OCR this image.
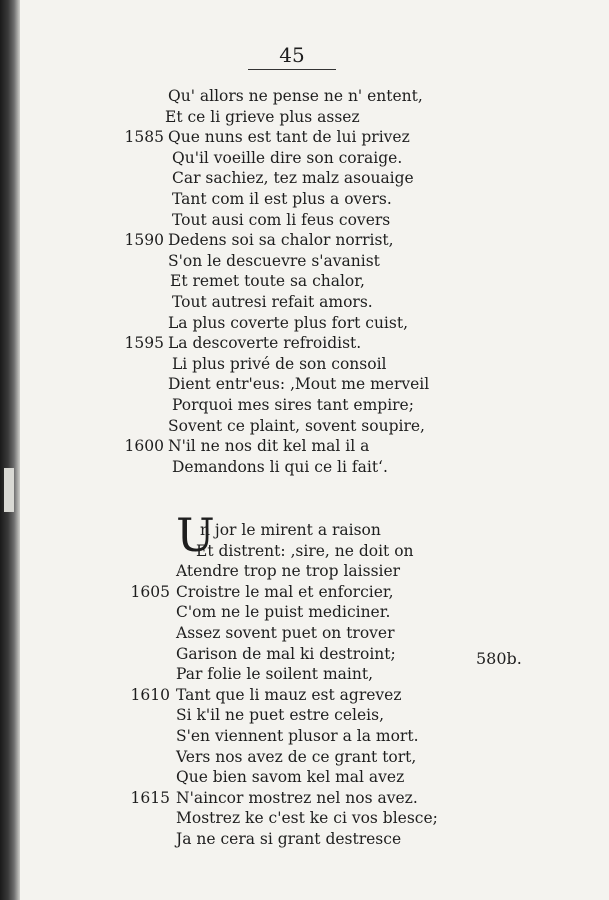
45
Qu' allors ne pense ne n' entent,
Et ce li grieve plus assez
Que nuns est tant de lui privez
1585
Qu'il voeille dire son coraige.
Car sachiez, tez malz asouaige
Tant com il est plus a overs.
Tout ausi com li feus covers
Dedens soi sa chalor norrist,
1590
S'on le descuevre s'avanist
Et remet toute sa chalor,
Tout autresi refait amors.
La plus coverte plus fort cuist,
La descoverte refroidist.
1595
Li plus privé de son consoil
Dient entr'eus: ‚Mout me merveil
Porquoi mes sires tant empire;
Sovent ce plaint, sovent soupire,
N'il ne nos dit kel mal il a
1600
Demandons li qui ce li fait‘.
U
n jor le mirent a raison
Et distrent: ‚sire, ne doit on
Atendre trop ne trop laissier
Croistre le mal et enforcier,
1605
C'om ne le puist mediciner.
Assez sovent puet on trover
Garison de mal ki destroint;
Par folie le soilent maint,
Tant que li mauz est agrevez
1610
Si k'il ne puet estre celeis,
S'en viennent plusor a la mort.
Vers nos avez de ce grant tort,
Que bien savom kel mal avez
N'aincor mostrez nel nos avez.
1615
Mostrez ke c'est ke ci vos blesce;
Ja ne cera si grant destresce
580b.
